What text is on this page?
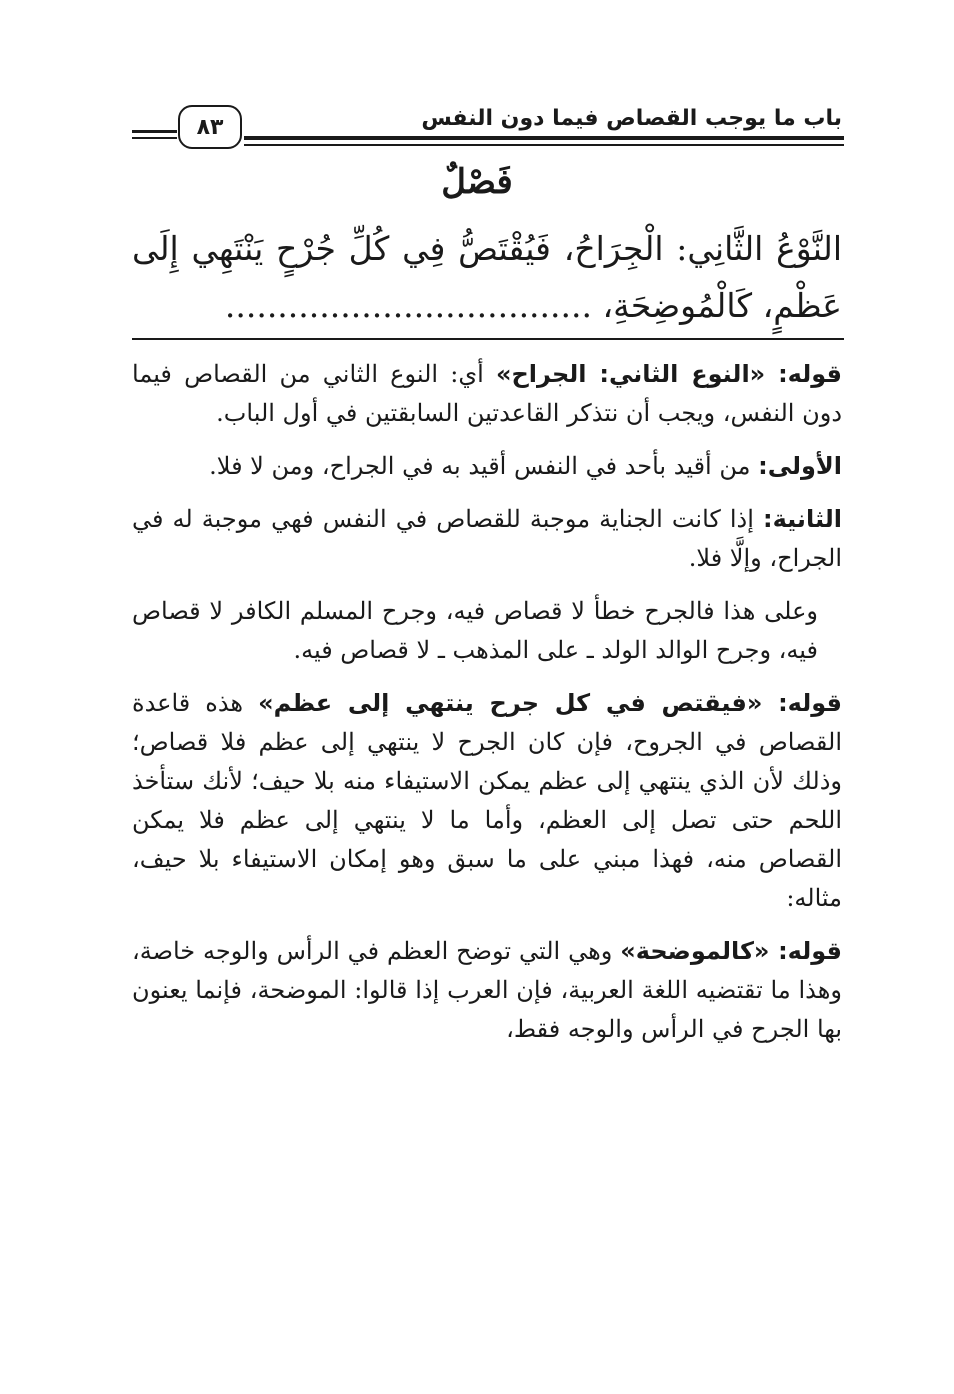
باب ما يوجب القصاص فيما دون النفس
٨٣
فَصْلٌ
النَّوْعُ الثَّانِي: الْجِرَاحُ، فَيُقْتَصُّ فِي كُلِّ جُرْحٍ يَنْتَهِي إِلَى عَظْمٍ، كَالْمُوضِحَةِ، ...................................

قوله: «النوع الثاني: الجراح» أي: النوع الثاني من القصاص فيما دون النفس، ويجب أن نتذكر القاعدتين السابقتين في أول الباب.

الأولى: من أقيد بأحد في النفس أقيد به في الجراح، ومن لا فلا.

الثانية: إذا كانت الجناية موجبة للقصاص في النفس فهي موجبة له في الجراح، وإلَّا فلا.

وعلى هذا فالجرح خطأ لا قصاص فيه، وجرح المسلم الكافر لا قصاص فيه، وجرح الوالد الولد ـ على المذهب ـ لا قصاص فيه.

قوله: «فيقتص في كل جرح ينتهي إلى عظم» هذه قاعدة القصاص في الجروح، فإن كان الجرح لا ينتهي إلى عظم فلا قصاص؛ وذلك لأن الذي ينتهي إلى عظم يمكن الاستيفاء منه بلا حيف؛ لأنك ستأخذ اللحم حتى تصل إلى العظم، وأما ما لا ينتهي إلى عظم فلا يمكن القصاص منه، فهذا مبني على ما سبق وهو إمكان الاستيفاء بلا حيف، مثاله:

قوله: «كالموضحة» وهي التي توضح العظم في الرأس والوجه خاصة، وهذا ما تقتضيه اللغة العربية، فإن العرب إذا قالوا: الموضحة، فإنما يعنون بها الجرح في الرأس والوجه فقط،
